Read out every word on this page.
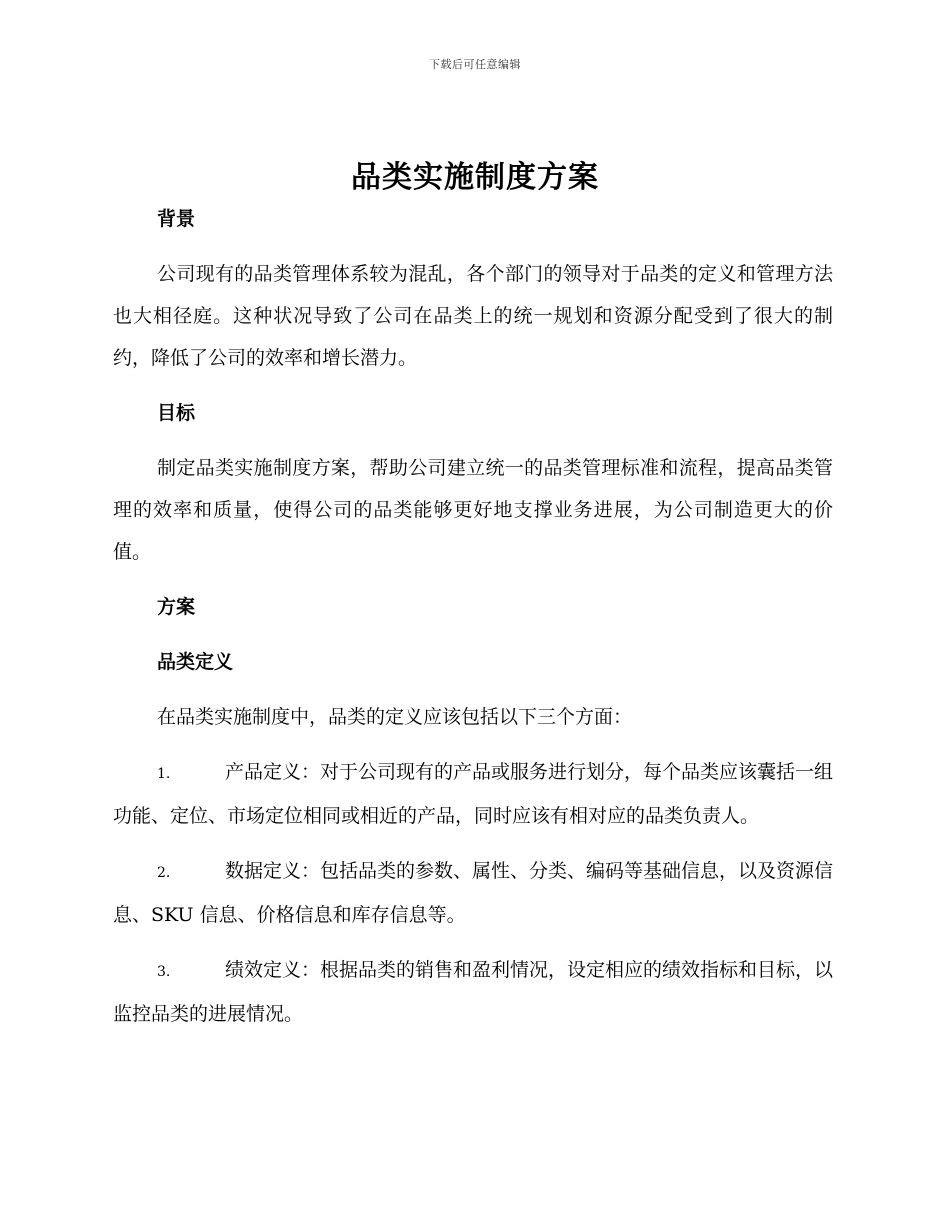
下载后可任意编辑
品类实施制度方案

背景

公司现有的品类管理体系较为混乱，各个部门的领导对于品类的定义和管理方法也大相径庭。这种状况导致了公司在品类上的统一规划和资源分配受到了很大的制约，降低了公司的效率和增长潜力。

目标

制定品类实施制度方案，帮助公司建立统一的品类管理标准和流程，提高品类管理的效率和质量，使得公司的品类能够更好地支撑业务进展，为公司制造更大的价值。

方案

品类定义

在品类实施制度中，品类的定义应该包括以下三个方面：

1.	产品定义：对于公司现有的产品或服务进行划分，每个品类应该囊括一组功能、定位、市场定位相同或相近的产品，同时应该有相对应的品类负责人。

2.	数据定义：包括品类的参数、属性、分类、编码等基础信息，以及资源信息、SKU 信息、价格信息和库存信息等。

3.	绩效定义：根据品类的销售和盈利情况，设定相应的绩效指标和目标，以监控品类的进展情况。
